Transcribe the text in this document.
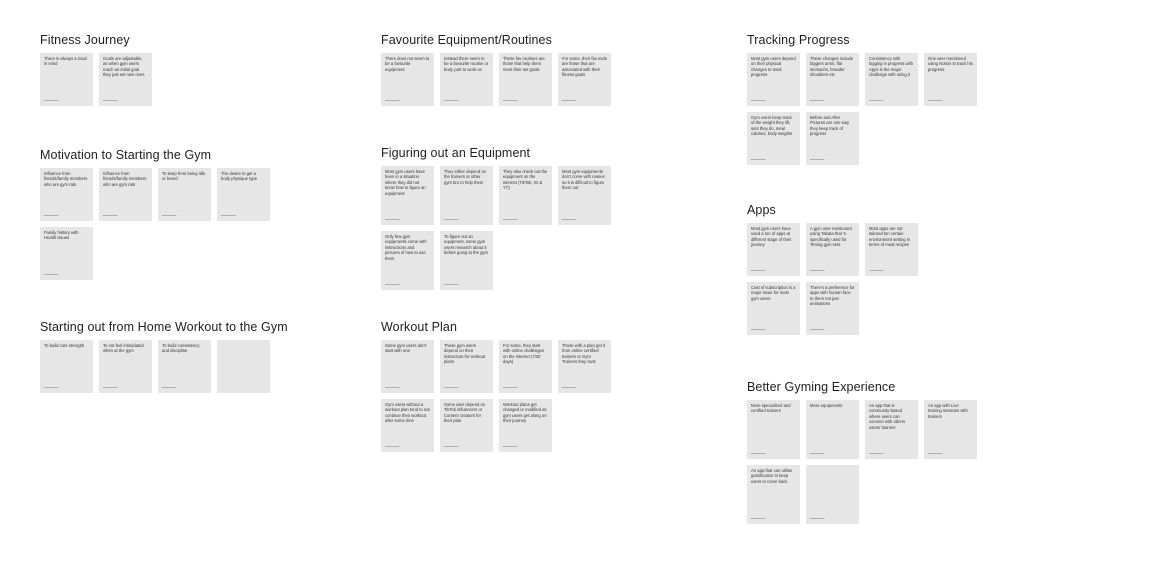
Fitness Journey
There is always a Goal in mind
▬▬▬▬▬▬
Goals are adjustable, as when gym users reach an initial goal they just set new ones
▬▬▬▬▬▬
Motivation to Starting the Gym
Influence from friends/family members who are gym rats
▬▬▬▬▬▬
Influence from friends/family members who are gym rats
▬▬▬▬▬▬
To keep from being idle or bored
▬▬▬▬▬▬
The desire to get a body physique type
▬▬▬▬▬▬
Family history with Health issues
▬▬▬▬▬▬
Starting out from Home Workout to the Gym
To build core strength
▬▬▬▬▬▬
To not feel intimidated when at the gym
▬▬▬▬▬▬
To build consistency and discipline
▬▬▬▬▬▬
Favourite Equipment/Routines
There does not seem to be a favourite equipment
▬▬▬▬▬▬
Instead there seem to be a favourite routine or body part to work on
▬▬▬▬▬▬
These fav routines are those that help them meet their set goals
▬▬▬▬▬▬
For some, their fav tools are those that are associated with their fitness goals
▬▬▬▬▬▬
Figuring out an Equipment
Most gym users have been in a situation where they did not know how to figure an equipment
▬▬▬▬▬▬
They either depend on the trainers or other gym bro to help them
▬▬▬▬▬▬
They also check out the equipment on the internet (TikTok, IG & YT)
▬▬▬▬▬▬
Most gym equipments don't come with names so it is difficult to figure them out
▬▬▬▬▬▬
Only few gym equipments come with instructions and pictures of how to use them
▬▬▬▬▬▬
To figure out an equipment, some gym users research about it before going to the gym
▬▬▬▬▬▬
Workout Plan
Some gym users don't start with one
▬▬▬▬▬▬
These gym users depend on their instructors for workout plans
▬▬▬▬▬▬
For some, they start with online challenges on the internet (7/30 days)
▬▬▬▬▬▬
Those with a plan get it from online certified trainers or Gym Trainers they trust
▬▬▬▬▬▬
Gym users without a workout plan tend to not continue their workout after some time
▬▬▬▬▬▬
Some user depend on TikTok influencers or Content creators for their plan
▬▬▬▬▬▬
Workout plans get changed or modified as gym users get along on their journey
▬▬▬▬▬▬
Tracking Progress
Most gym users depend on their physical changes to track progress
▬▬▬▬▬▬
These changes include biggers arms, flat stomachs, broader shoulders etc
▬▬▬▬▬▬
Consistency with logging in progress with Apps is the major challenge with using it
▬▬▬▬▬▬
One user mentioned using Notion to track his progress
▬▬▬▬▬▬
Gym users keep track of the weight they lift, sets they do, meal calories, body weights
▬▬▬▬▬▬
Before and After Pictures are one way they keep track of progress
▬▬▬▬▬▬
Apps
Most gym users have used a ton of apps at different stage of their journey
▬▬▬▬▬▬
A gym user mentioned using Tabata that 's specifically used for Timing gym sets
▬▬▬▬▬▬
Most apps are not tailored ton certain environment setting in terms of meal recipes
▬▬▬▬▬▬
Cost of subscription is a major issue for most gym users
▬▬▬▬▬▬
There's a preference for apps with human face to them not just animations
▬▬▬▬▬▬
Better Gyming Experience
More specialized and certified trainers
▬▬▬▬▬▬
More equipments
▬▬▬▬▬▬
An app that is community-based where users can connect with others users/ trainers
▬▬▬▬▬▬
An app with Live training sessions with trainers
▬▬▬▬▬▬
An app that can utilise gamification to keep users to come back
▬▬▬▬▬▬	▬▬▬▬▬▬
